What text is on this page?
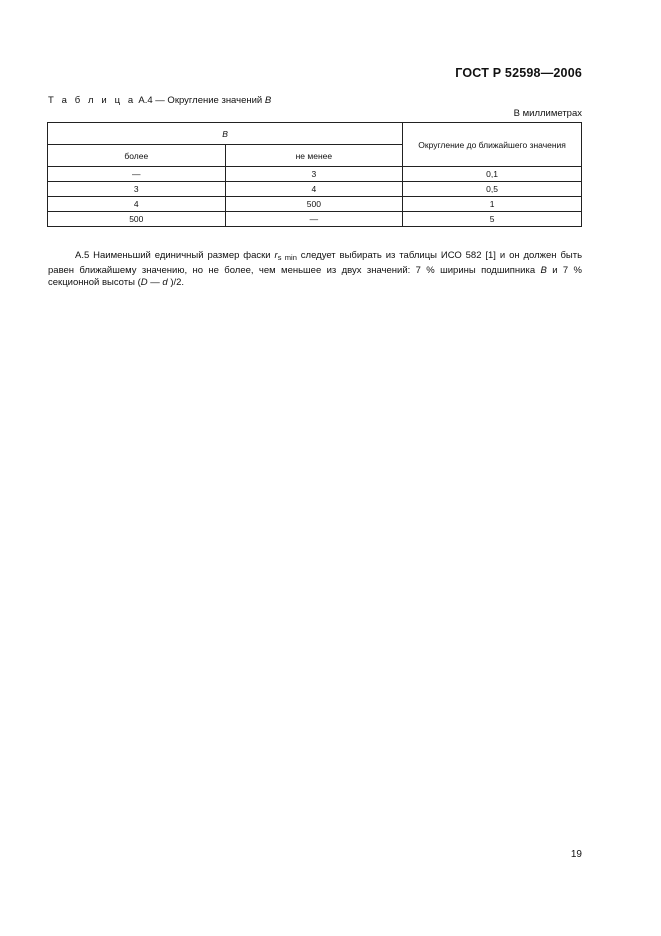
ГОСТ Р 52598—2006
Т а б л и ц а А.4 — Округление значений B
В миллиметрах
B		Округление до ближайшего значения
более	не менее	
—	3	0,1
3	4	0,5
4	500	1
500	—	5
А.5 Наименьший единичный размер фаски $r_{s min}$ следует выбирать из таблицы ИСО 582 [1] и он должен быть равен ближайшему значению, но не более, чем меньшее из двух значений: 7 % ширины подшипника B и 7 % секционной высоты (D — d )/2.
19
